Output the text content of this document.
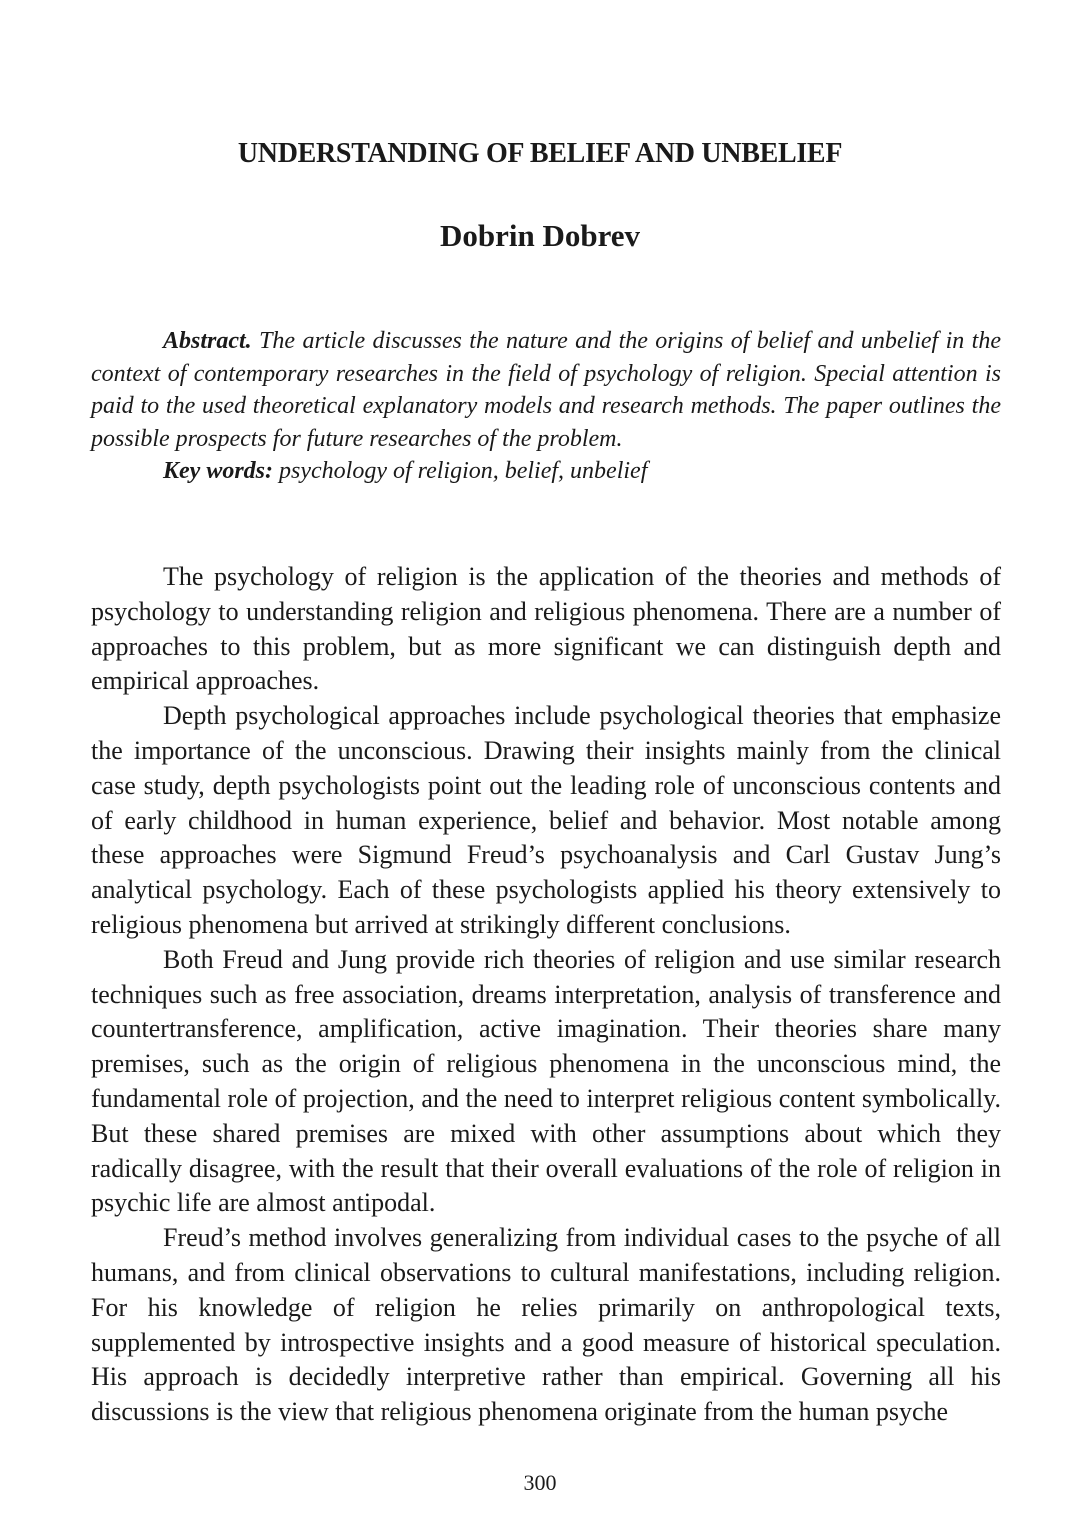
UNDERSTANDING OF BELIEF AND UNBELIEF
Dobrin Dobrev

Abstract. The article discusses the nature and the origins of belief and unbelief in the context of contemporary researches in the field of psychology of religion. Special attention is paid to the used theoretical explanatory models and research methods. The paper outlines the possible prospects for future researches of the problem.

Key words: psychology of religion, belief, unbelief

The psychology of religion is the application of the theories and methods of psychology to understanding religion and religious phenomena. There are a number of approaches to this problem, but as more significant we can distinguish depth and empirical approaches.

Depth psychological approaches include psychological theories that emphasize the importance of the unconscious. Drawing their insights mainly from the clinical case study, depth psychologists point out the leading role of unconscious contents and of early childhood in human experience, belief and behavior. Most notable among these approaches were Sigmund Freud’s psychoanalysis and Carl Gustav Jung’s analytical psychology. Each of these psychologists applied his theory extensively to religious phenomena but arrived at strikingly different conclusions.

Both Freud and Jung provide rich theories of religion and use similar research techniques such as free association, dreams interpretation, analysis of transference and countertransference, amplification, active imagination. Their theories share many premises, such as the origin of religious phenomena in the unconscious mind, the fundamental role of projection, and the need to interpret religious content symbolically. But these shared premises are mixed with other assumptions about which they radically disagree, with the result that their overall evaluations of the role of religion in psychic life are almost antipodal.

Freud’s method involves generalizing from individual cases to the psyche of all humans, and from clinical observations to cultural manifestations, including religion. For his knowledge of religion he relies primarily on anthropological texts, supplemented by introspective insights and a good measure of historical speculation. His approach is decidedly interpretive rather than empirical. Governing all his discussions is the view that religious phenomena originate from the human psyche

300
